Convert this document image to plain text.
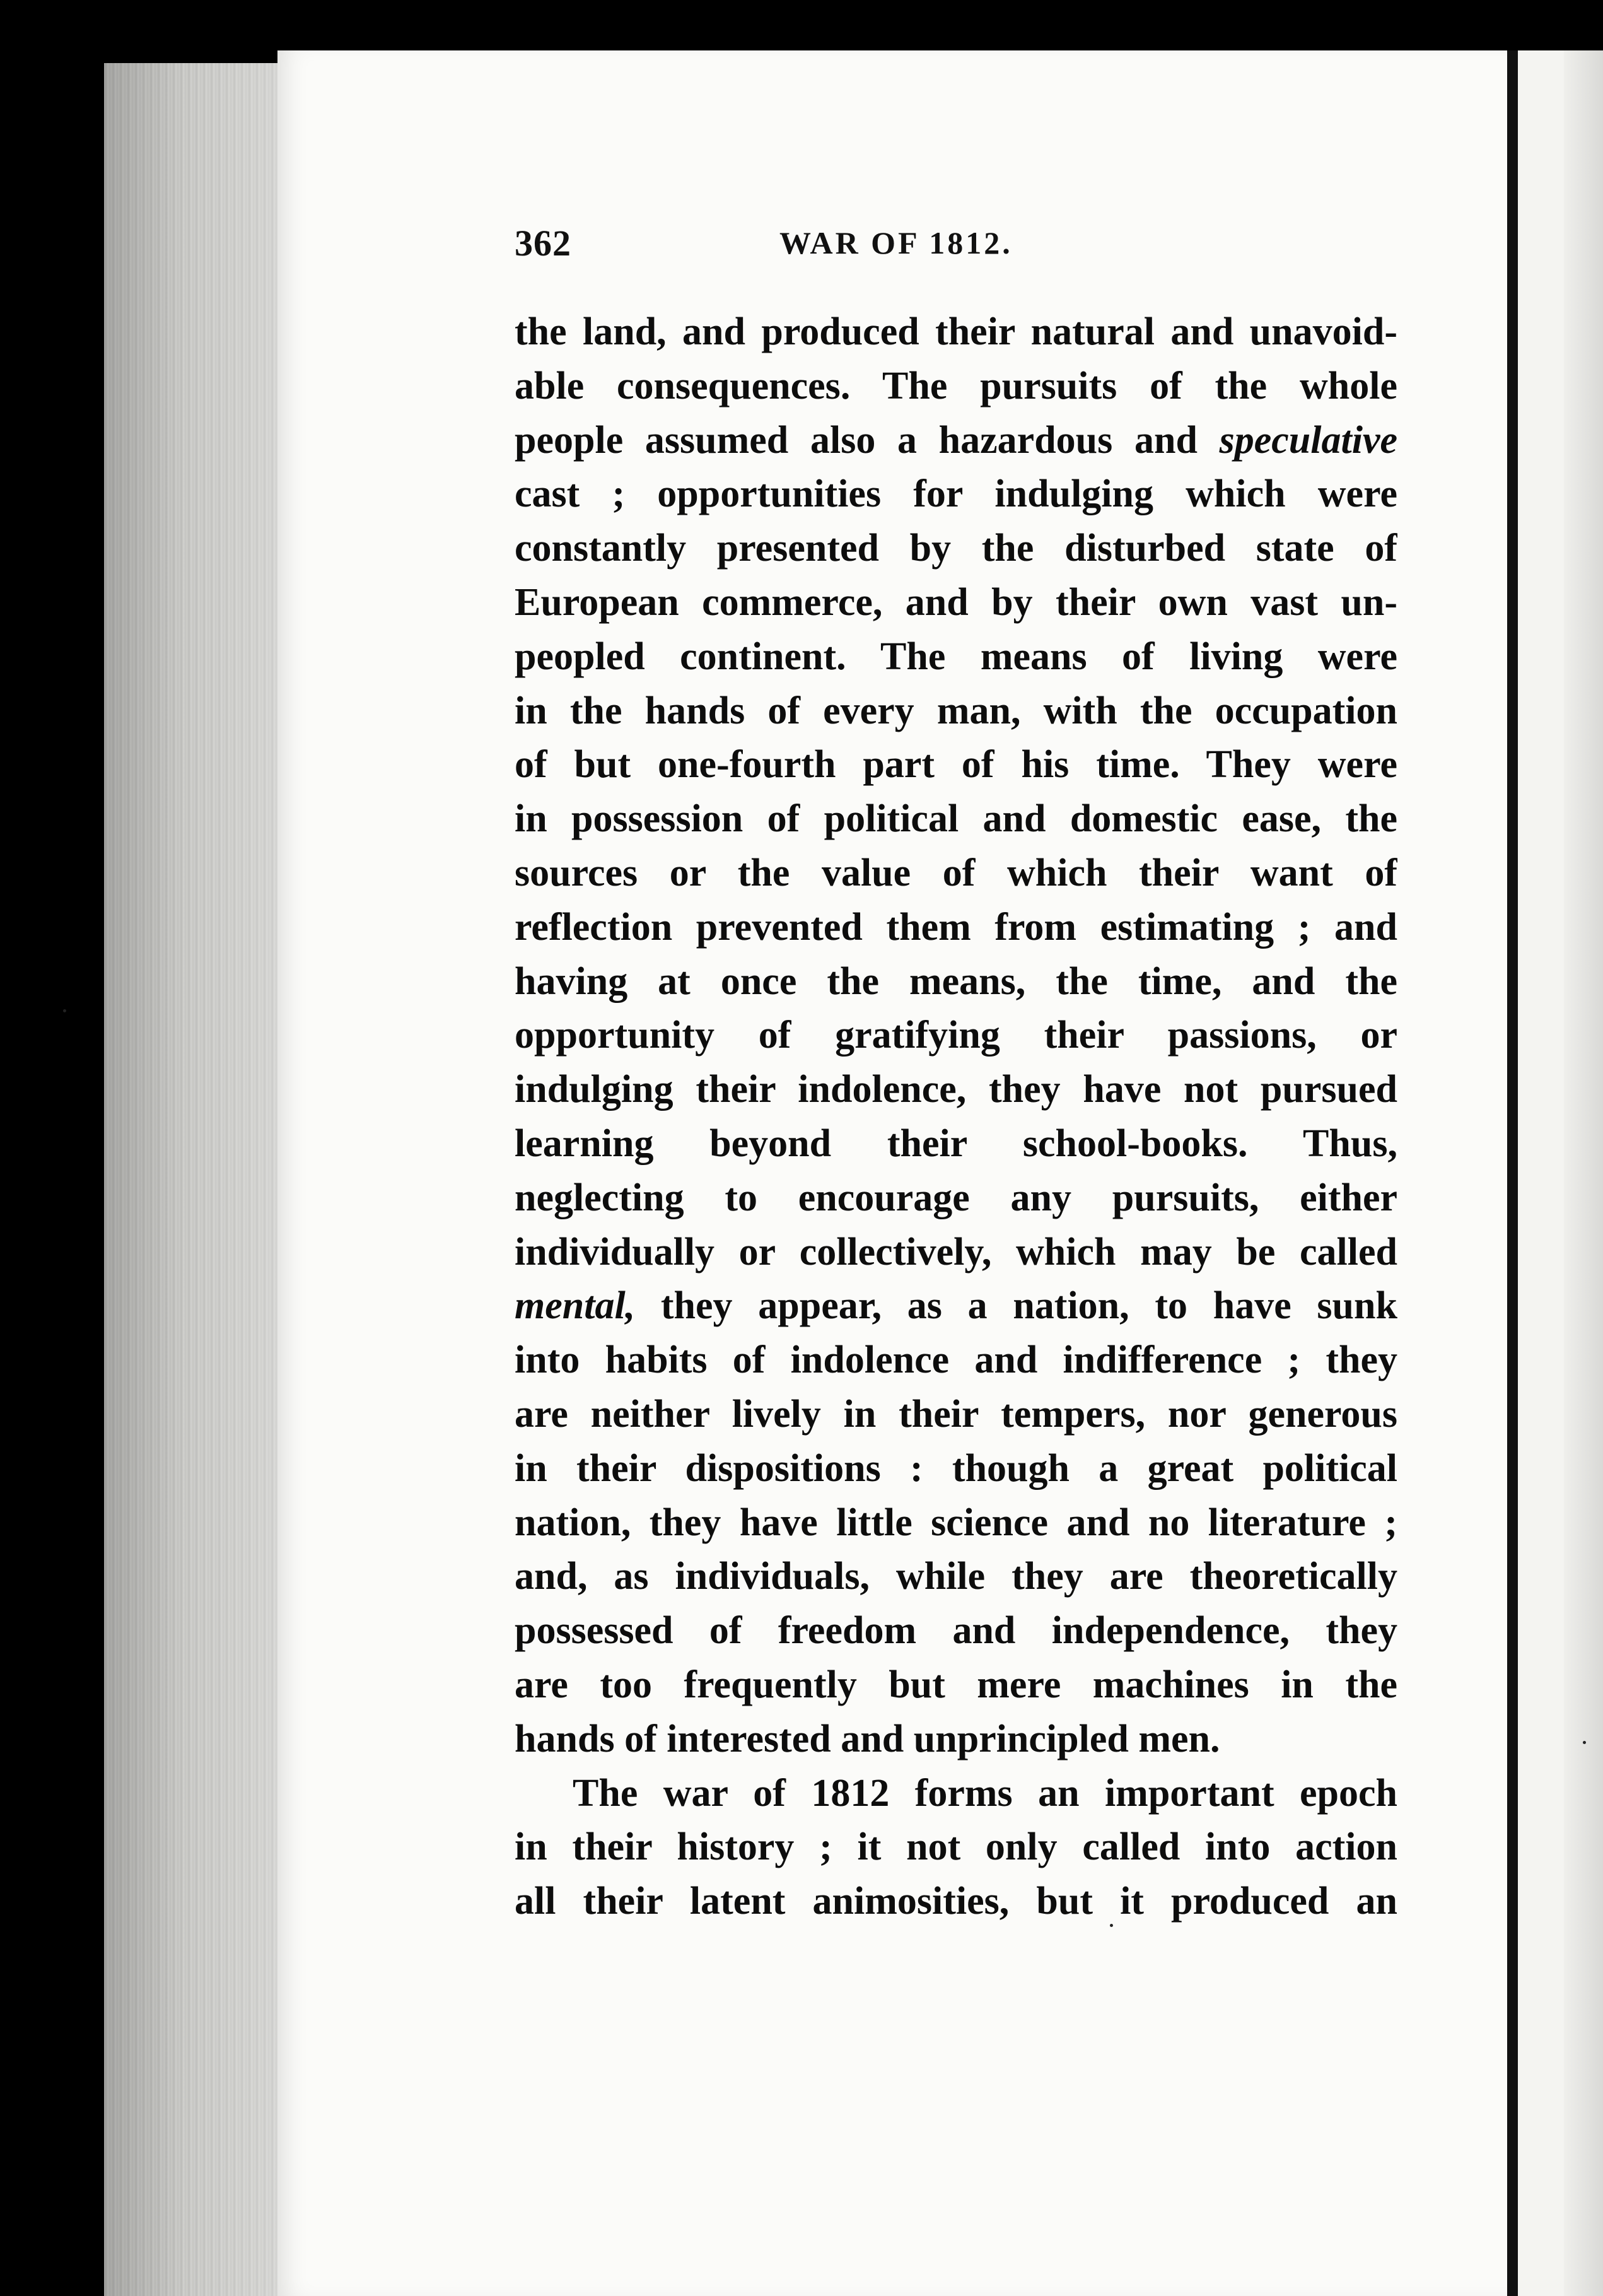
362	WAR OF 1812.
the land, and produced their natural and unavoid-
able consequences. The pursuits of the whole
people assumed also a hazardous and speculative
cast ; opportunities for indulging which were
constantly presented by the disturbed state of
European commerce, and by their own vast un-
peopled continent. The means of living were
in the hands of every man, with the occupation
of but one-fourth part of his time. They were
in possession of political and domestic ease, the
sources or the value of which their want of
reflection prevented them from estimating ; and
having at once the means, the time, and the
opportunity of gratifying their passions, or
indulging their indolence, they have not pursued
learning beyond their school-books. Thus,
neglecting to encourage any pursuits, either
individually or collectively, which may be called
mental, they appear, as a nation, to have sunk
into habits of indolence and indifference ; they
are neither lively in their tempers, nor generous
in their dispositions : though a great political
nation, they have little science and no literature ;
and, as individuals, while they are theoretically
possessed of freedom and independence, they
are too frequently but mere machines in the
hands of interested and unprincipled men.
The war of 1812 forms an important epoch
in their history ; it not only called into action
all their latent animosities, but it produced an
